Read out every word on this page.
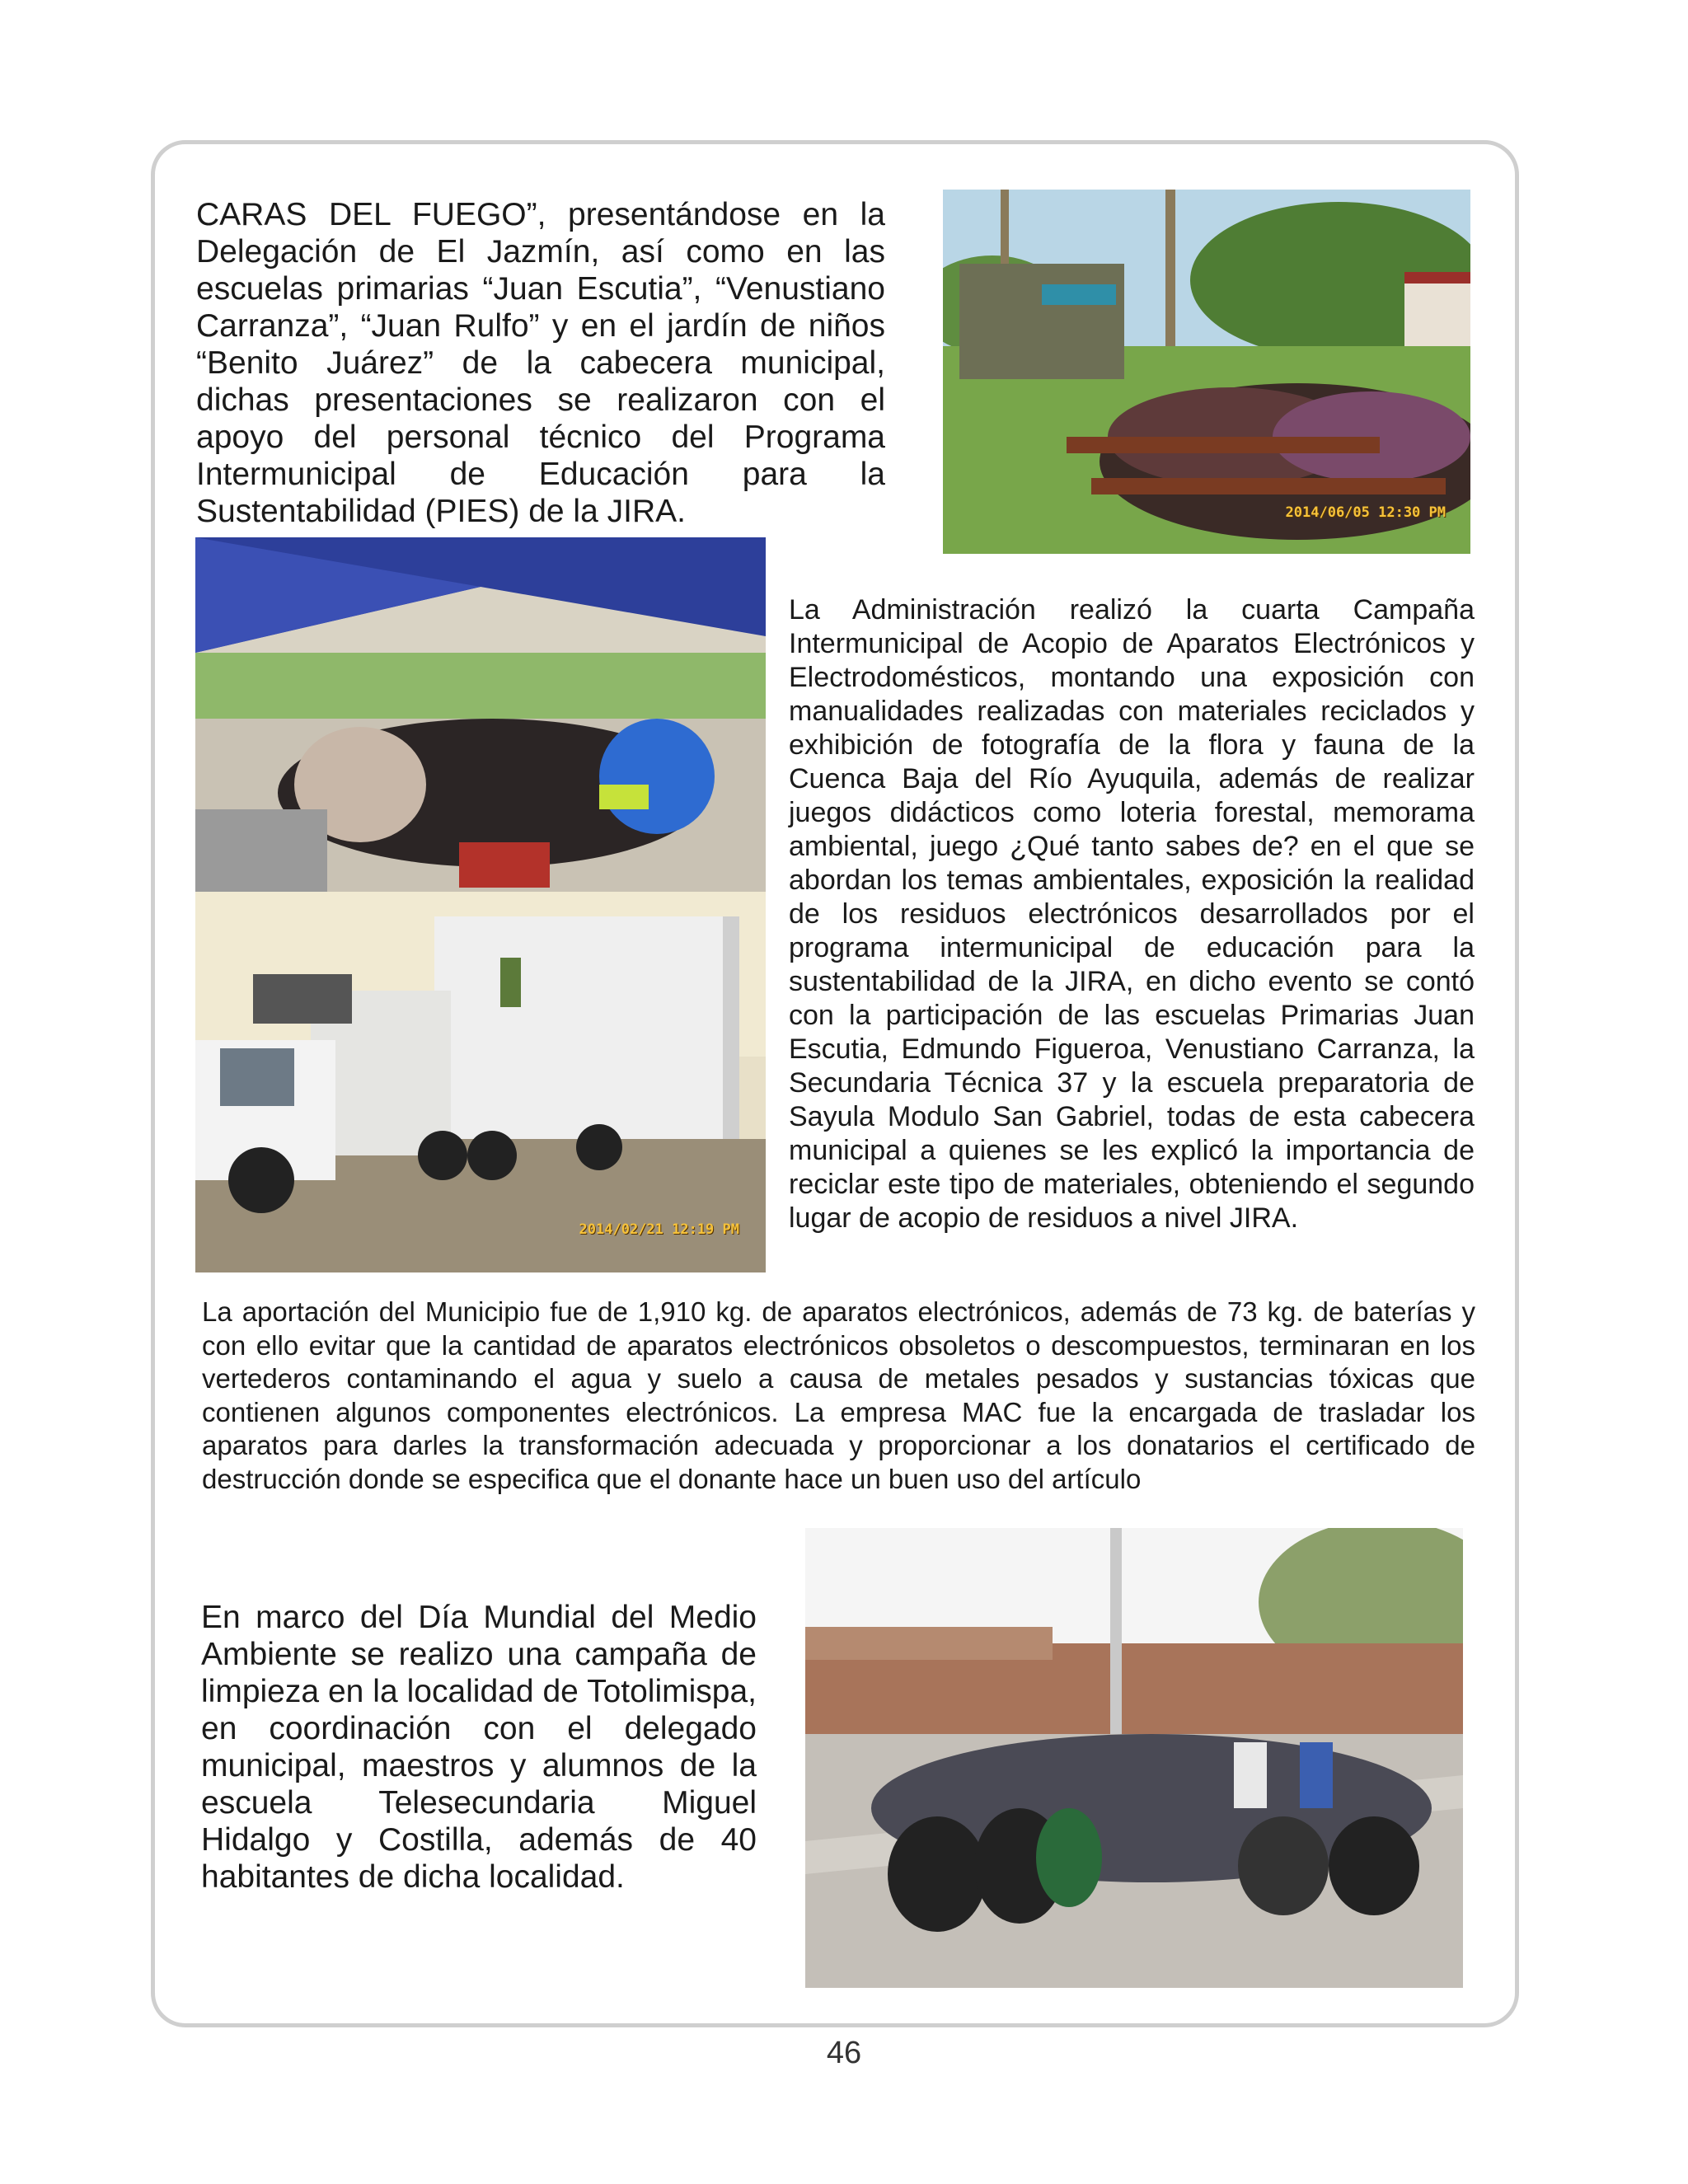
CARAS DEL FUEGO”, presentándose en la Delegación de El Jazmín, así como en las escuelas primarias “Juan Escutia”, “Venustiano Carranza”, “Juan Rulfo” y en el jardín de niños “Benito Juárez” de la cabecera municipal, dichas presentaciones se realizaron con el apoyo del personal técnico del Programa Intermunicipal de Educación para la Sustentabilidad (PIES) de la JIRA.	2014/06/05 12:30 PM
2014/02/21 12:19 PM

La Administración realizó la cuarta Campaña Intermunicipal de Acopio de Aparatos Electrónicos y Electrodomésticos, montando una exposición con manualidades realizadas con materiales reciclados y exhibición de fotografía de la flora y fauna de la Cuenca Baja del Río Ayuquila, además de realizar juegos didácticos como loteria forestal, memorama ambiental, juego ¿Qué tanto sabes de? en el que se abordan los temas ambientales, exposición la realidad de los residuos electrónicos desarrollados por el programa intermunicipal de educación para la sustentabilidad de la JIRA, en dicho evento se contó con la participación de las escuelas Primarias Juan Escutia, Edmundo Figueroa, Venustiano Carranza, la Secundaria Técnica 37 y la escuela preparatoria de Sayula Modulo San Gabriel, todas de esta cabecera municipal a quienes se les explicó la importancia de reciclar este tipo de materiales, obteniendo el segundo lugar de acopio de residuos a nivel JIRA.

La aportación del Municipio fue de 1,910 kg. de aparatos electrónicos, además de 73 kg. de baterías y con ello evitar que la cantidad de aparatos electrónicos obsoletos o descompuestos, terminaran en los vertederos contaminando el agua y suelo a causa de metales pesados y sustancias tóxicas que contienen algunos componentes electrónicos. La empresa MAC fue la encargada de trasladar los aparatos para darles la transformación adecuada y proporcionar a los donatarios el certificado de destrucción donde se especifica que el donante hace un buen uso del artículo

En marco del Día Mundial del Medio Ambiente se realizo una campaña de limpieza en la localidad de Totolimispa, en coordinación con el delegado municipal, maestros y alumnos de la escuela Telesecundaria Miguel Hidalgo y Costilla, además de 40 habitantes de dicha localidad.

46
